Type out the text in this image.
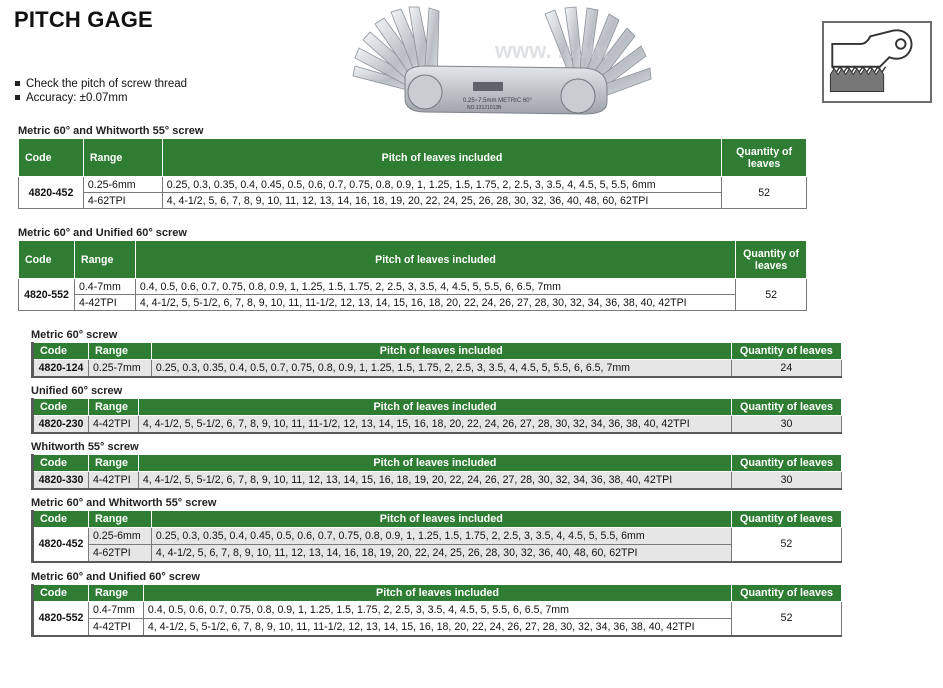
PITCH GAGE
Check the pitch of screw thread
Accuracy: ±0.07mm	0.25~7.5mm METRIC 60°
NO.13121013B
www. .com
Metric 60° and Whitworth 55° screw
Code	Range	Pitch of leaves included	Quantity of leaves
4820-452	0.25-6mm	0.25, 0.3, 0.35, 0.4, 0.45, 0.5, 0.6, 0.7, 0.75, 0.8, 0.9, 1, 1.25, 1.5, 1.75, 2, 2.5, 3, 3.5, 4, 4.5, 5, 5.5, 6mm	52
	4-62TPI	4, 4-1/2, 5, 6, 7, 8, 9, 10, 11, 12, 13, 14, 16, 18, 19, 20, 22, 24, 25, 26, 28, 30, 32, 36, 40, 48, 60, 62TPI	
Metric 60° and Unified 60° screw
Code	Range	Pitch of leaves included	Quantity of leaves
4820-552	0.4-7mm	0.4, 0.5, 0.6, 0.7, 0.75, 0.8, 0.9, 1, 1.25, 1.5, 1.75, 2, 2.5, 3, 3.5, 4, 4.5, 5, 5.5, 6, 6.5, 7mm	52
	4-42TPI	4, 4-1/2, 5, 5-1/2, 6, 7, 8, 9, 10, 11, 11-1/2, 12, 13, 14, 15, 16, 18, 20, 22, 24, 26, 27, 28, 30, 32, 34, 36, 38, 40, 42TPI	
Metric 60° screw
Code	Range	Pitch of leaves included	Quantity of leaves
4820-124	0.25-7mm	0.25, 0.3, 0.35, 0.4, 0.5, 0.7, 0.75, 0.8, 0.9, 1, 1.25, 1.5, 1.75, 2, 2.5, 3, 3.5, 4, 4.5, 5, 5.5, 6, 6.5, 7mm	24
Unified 60° screw
Code	Range	Pitch of leaves included	Quantity of leaves
4820-230	4-42TPI	4, 4-1/2, 5, 5-1/2, 6, 7, 8, 9, 10, 11, 11-1/2, 12, 13, 14, 15, 16, 18, 20, 22, 24, 26, 27, 28, 30, 32, 34, 36, 38, 40, 42TPI	30
Whitworth 55° screw
Code	Range	Pitch of leaves included	Quantity of leaves
4820-330	4-42TPI	4, 4-1/2, 5, 5-1/2, 6, 7, 8, 9, 10, 11, 12, 13, 14, 15, 16, 18, 19, 20, 22, 24, 26, 27, 28, 30, 32, 34, 36, 38, 40, 42TPI	30
Metric 60° and Whitworth 55° screw
Code	Range	Pitch of leaves included	Quantity of leaves
4820-452	0.25-6mm	0.25, 0.3, 0.35, 0.4, 0.45, 0.5, 0.6, 0.7, 0.75, 0.8, 0.9, 1, 1.25, 1.5, 1.75, 2, 2.5, 3, 3.5, 4, 4.5, 5, 5.5, 6mm	52
	4-62TPI	4, 4-1/2, 5, 6, 7, 8, 9, 10, 11, 12, 13, 14, 16, 18, 19, 20, 22, 24, 25, 26, 28, 30, 32, 36, 40, 48, 60, 62TPI	
Metric 60° and Unified 60° screw
Code	Range	Pitch of leaves included	Quantity of leaves
4820-552	0.4-7mm	0.4, 0.5, 0.6, 0.7, 0.75, 0.8, 0.9, 1, 1.25, 1.5, 1.75, 2, 2.5, 3, 3.5, 4, 4.5, 5, 5.5, 6, 6.5, 7mm	52
	4-42TPI	4, 4-1/2, 5, 5-1/2, 6, 7, 8, 9, 10, 11, 11-1/2, 12, 13, 14, 15, 16, 18, 20, 22, 24, 26, 27, 28, 30, 32, 34, 36, 38, 40, 42TPI	
